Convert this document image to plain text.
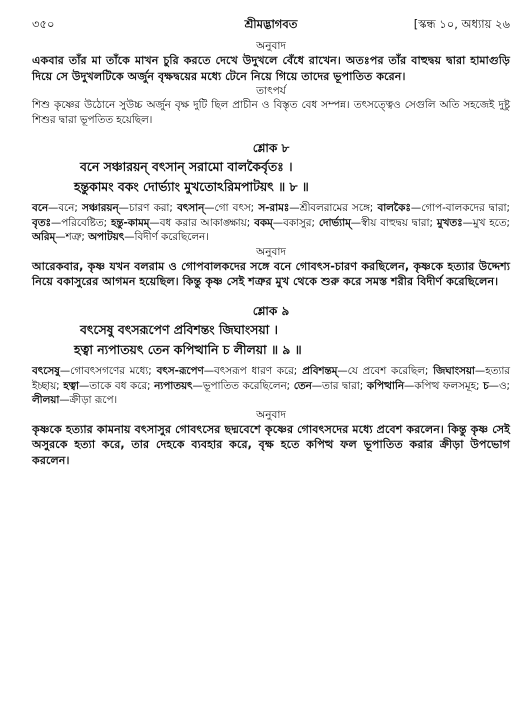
৩৫০	শ্রীমদ্ভাগবত	[স্কন্ধ ১০, অধ্যায় ২৬

অনুবাদ

একবার তাঁর মা তাঁকে মাখন চুরি করতে দেখে উদুখলে বেঁধে রাখেন। অতঃপর তাঁর বাহুদ্বয় দ্বারা হামাগুড়ি দিয়ে সে উদুখলটিকে অর্জুন বৃক্ষদ্বয়ের মধ্যে টেনে নিয়ে গিয়ে তাদের ভূপাতিত করেন।

তাৎপর্য

শিশু কৃষ্ণের উঠোনে সুউচ্চ অর্জুন বৃক্ষ দুটি ছিল প্রাচীন ও বিস্তৃত বেধ সম্পন্ন। তৎসত্ত্বেও সেগুলি অতি সহজেই দুষ্টু শিশুর দ্বারা ভূপতিত হয়েছিল।

শ্লোক ৮

বনে সঞ্চারয়ন্ বৎসান্ সরামো বালকৈর্বৃতঃ ।

হন্তুকামং বকং দোর্ভ্যাং মুখতোঽরিমপাটয়ৎ ॥ ৮ ॥

বনে—বনে; সঞ্চারয়ন্—চারণ করা; বৎসান্—গো বৎস; স-রামঃ—শ্রীবলরামের সঙ্গে; বালকৈঃ—গোপ-বালকদের দ্বারা; বৃতঃ—পরিবেষ্টিত; হন্তু-কামম্—বধ করার আকাঙ্ক্ষায়; বকম্—বকাসুর; দোর্ভ্যাম্—স্বীয় বাহুদ্বয় দ্বারা; মুখতঃ—মুখ হতে; অরিম্—শত্রু; অপাটয়ৎ—বিদীর্ণ করেছিলেন।

অনুবাদ

আরেকবার, কৃষ্ণ যখন বলরাম ও গোপবালকদের সঙ্গে বনে গোবৎস-চারণ করছিলেন, কৃষ্ণকে হত্যার উদ্দেশ্য নিয়ে বকাসুরের আগমন হয়েছিল। কিন্তু কৃষ্ণ সেই শত্রুর মুখ থেকে শুরু করে সমস্ত শরীর বিদীর্ণ করেছিলেন।

শ্লোক ৯

বৎসেষু বৎসরূপেণ প্রবিশন্তং জিঘাংসয়া ।

হত্বা ন্যপাতয়ৎ তেন কপিত্থানি চ লীলয়া ॥ ৯ ॥

বৎসেষু—গোবৎসগণের মধ্যে; বৎস-রূপেণ—বৎসরূপ ধারণ করে; প্রবিশন্তম্—যে প্রবেশ করেছিল; জিঘাংসয়া—হত্যার ইচ্ছায়; হত্বা—তাকে বধ করে; ন্যপাতয়ৎ—ভূপাতিত করেছিলেন; তেন—তার দ্বারা; কপিত্থানি—কপিত্থ ফলসমূহ; চ—ও; লীলয়া—ক্রীড়া রূপে।

অনুবাদ

কৃষ্ণকে হত্যার কামনায় বৎসাসুর গোবৎসের ছদ্মবেশে কৃষ্ণের গোবৎসদের মধ্যে প্রবেশ করলেন। কিন্তু কৃষ্ণ সেই অসুরকে হত্যা করে, তার দেহকে ব্যবহার করে, বৃক্ষ হতে কপিত্থ ফল ভূপাতিত করার ক্রীড়া উপভোগ করলেন।
